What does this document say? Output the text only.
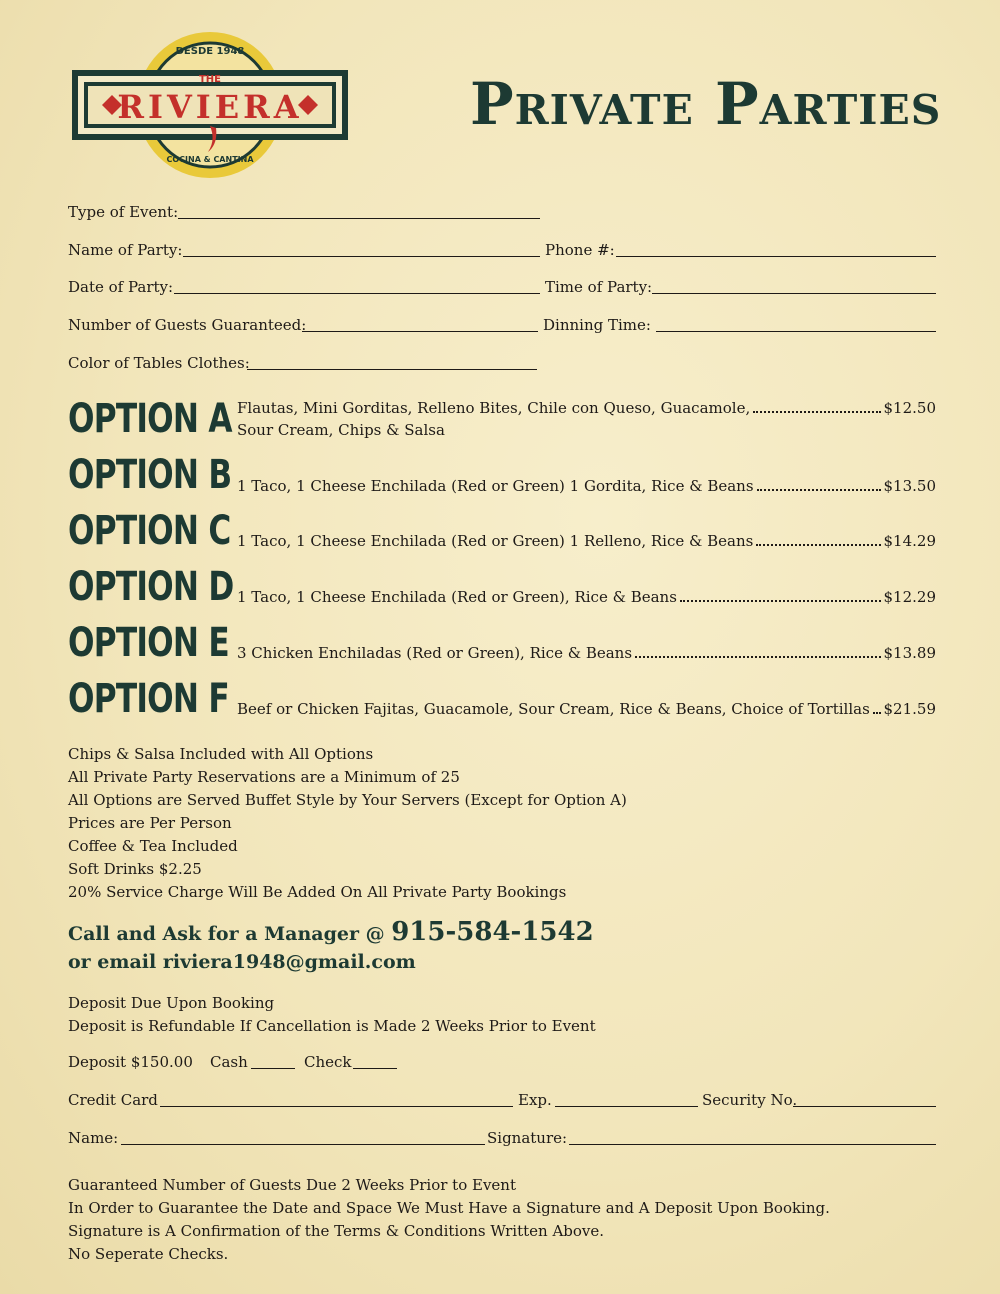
DESDE 1948
THE
RIVIERA
COCINA & CANTINA
Private Parties
Type of Event:
Name of Party:	Phone #:
Date of Party:	Time of Party:
Number of Guests Guaranteed:	Dinning Time:
Color of Tables Clothes:
OPTION A Flautas, Mini Gorditas, Relleno Bites, Chile con Queso, Guacamole,	$12.50
Sour Cream, Chips & Salsa
OPTION B 1 Taco, 1 Cheese Enchilada (Red or Green) 1 Gordita, Rice & Beans	$13.50
OPTION C 1 Taco, 1 Cheese Enchilada (Red or Green) 1 Relleno, Rice & Beans	$14.29
OPTION D 1 Taco, 1 Cheese Enchilada (Red or Green), Rice & Beans	$12.29
OPTION E 3 Chicken Enchiladas (Red or Green), Rice & Beans	$13.89
OPTION F Beef or Chicken Fajitas, Guacamole, Sour Cream, Rice & Beans, Choice of Tortillas $21.59
Chips & Salsa Included with All Options
All Private Party Reservations are a Minimum of 25
All Options are Served Buffet Style by Your Servers (Except for Option A)
Prices are Per Person
Coffee & Tea Included
Soft Drinks $2.25
20% Service Charge Will Be Added On All Private Party Bookings
Call and Ask for a Manager @ 915-584-1542
or email riviera1948@gmail.com
Deposit Due Upon Booking
Deposit is Refundable If Cancellation is Made 2 Weeks Prior to Event
Deposit $150.00 Cash	Check
Credit Card	Exp.	Security No.
Name:	Signature:
Guaranteed Number of Guests Due 2 Weeks Prior to Event
In Order to Guarantee the Date and Space We Must Have a Signature and A Deposit Upon Booking.
Signature is A Confirmation of the Terms & Conditions Written Above.
No Seperate Checks.
